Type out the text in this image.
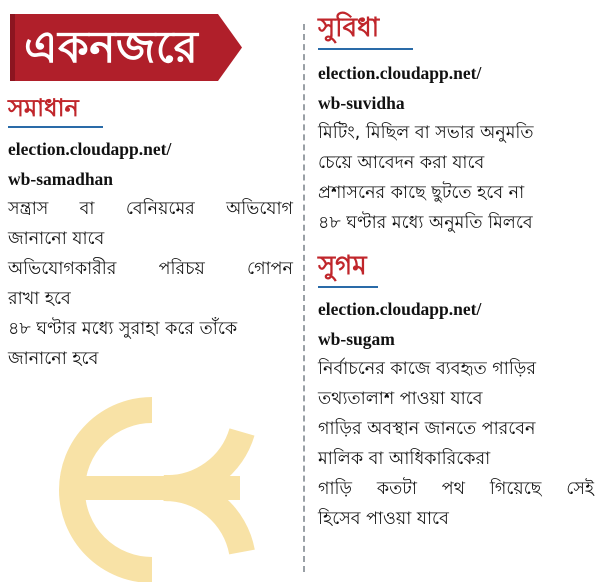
একনজরে
সমাধান
election.cloudapp.net/
wb-samadhan
সন্ত্রাস বা বেনিয়মের অভিযোগ
জানানো যাবে
অভিযোগকারীর পরিচয় গোপন
রাখা হবে
৪৮ ঘণ্টার মধ্যে সুরাহা করে তাঁকে
জানানো হবে
সুবিধা
election.cloudapp.net/
wb-suvidha
মিটিং, মিছিল বা সভার অনুমতি
চেয়ে আবেদন করা যাবে
প্রশাসনের কাছে ছুটতে হবে না
৪৮ ঘণ্টার মধ্যে অনুমতি মিলবে
সুগম
election.cloudapp.net/
wb-sugam
নির্বাচনের কাজে ব্যবহৃত গাড়ির
তথ্যতালাশ পাওয়া যাবে
গাড়ির অবস্থান জানতে পারবেন
মালিক বা আধিকারিকেরা
গাড়ি কতটা পথ গিয়েছে সেই
হিসেব পাওয়া যাবে
